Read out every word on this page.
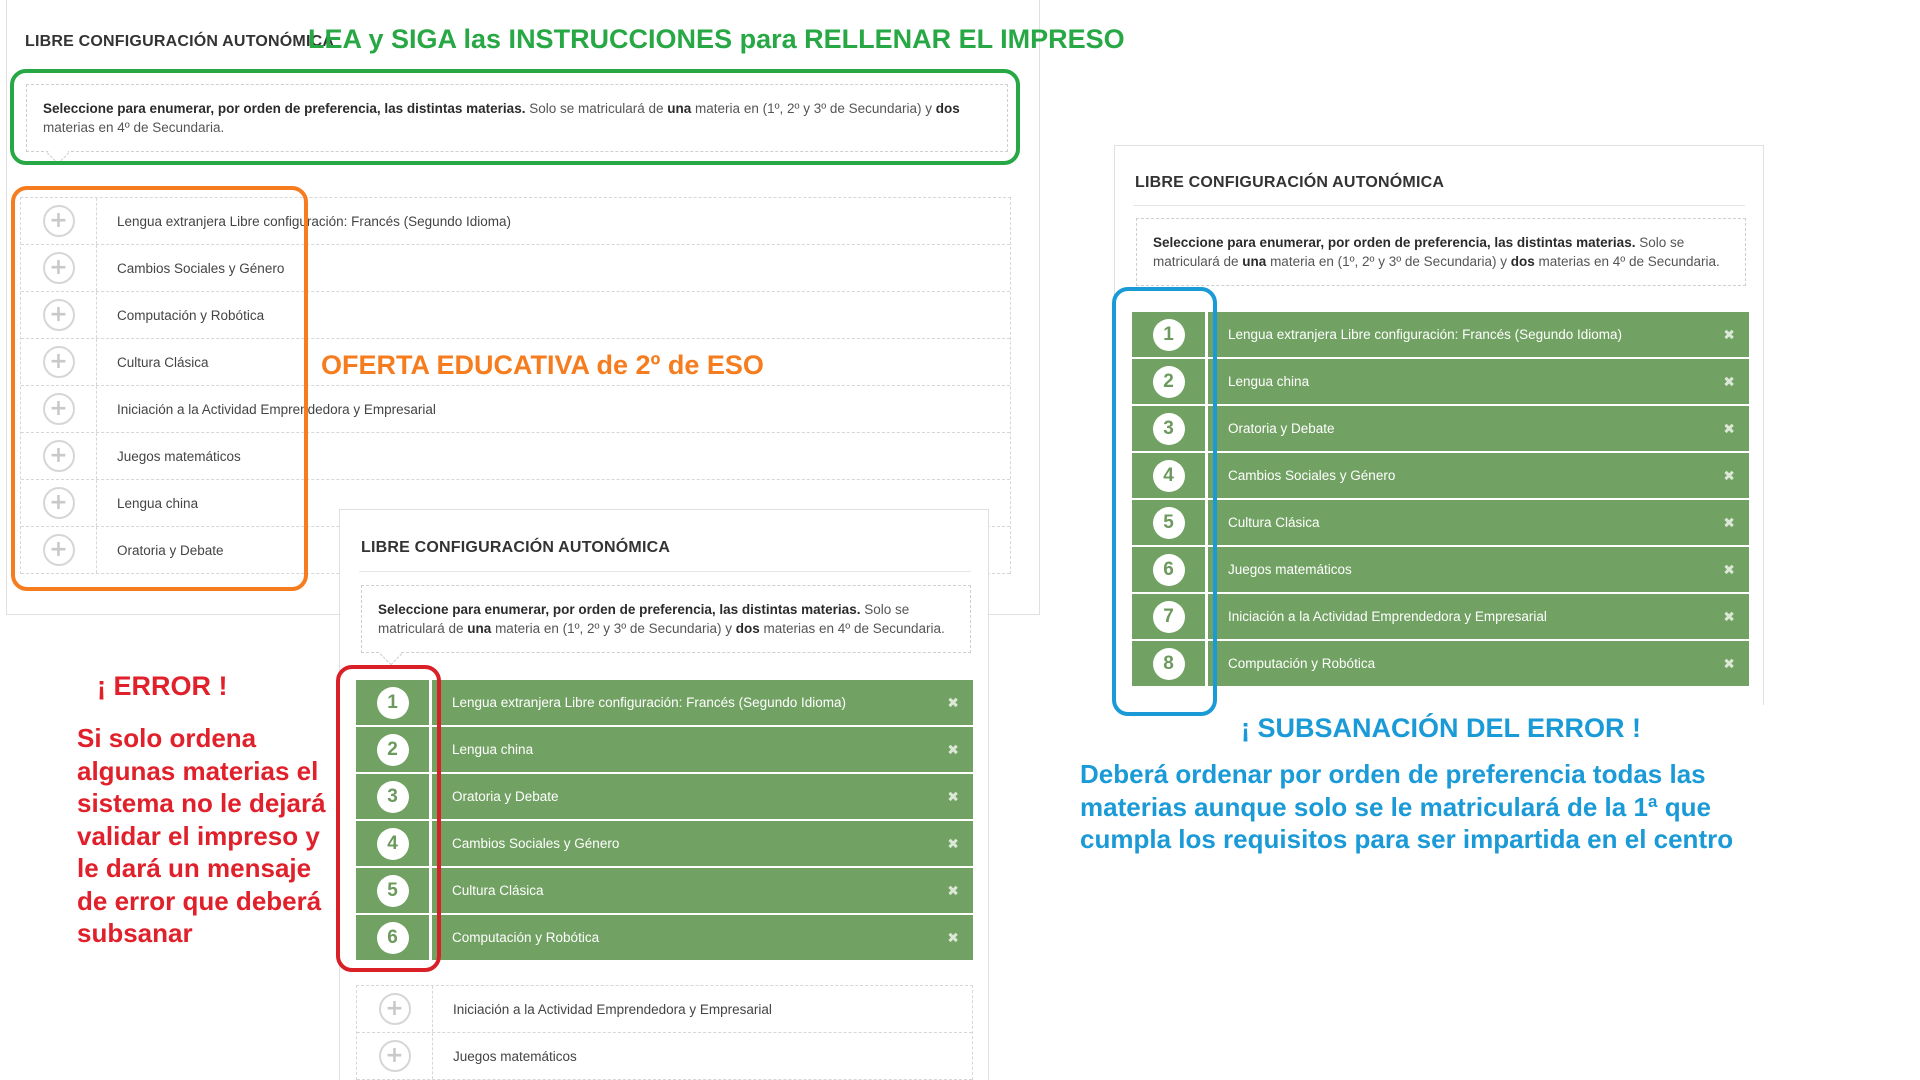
LIBRE CONFIGURACIÓN AUTONÓMICA
LEA y SIGA las INSTRUCCIONES para RELLENAR EL IMPRESO
Seleccione para enumerar, por orden de preferencia, las distintas materias. Solo se matriculará de una materia en (1º, 2º y 3º de Secundaria) y dos materias en 4º de Secundaria.
+	Lengua extranjera Libre configuración: Francés (Segundo Idioma)
+	Cambios Sociales y Género
+	Computación y Robótica
+	Cultura Clásica
+	Iniciación a la Actividad Emprendedora y Empresarial
+	Juegos matemáticos
+	Lengua china
+	Oratoria y Debate
OFERTA EDUCATIVA de 2º de ESO
LIBRE CONFIGURACIÓN AUTONÓMICA
Seleccione para enumerar, por orden de preferencia, las distintas materias. Solo se matriculará de una materia en (1º, 2º y 3º de Secundaria) y dos materias en 4º de Secundaria.
1	Lengua extranjera Libre configuración: Francés (Segundo Idioma)	✖
2	Lengua china	✖
3	Oratoria y Debate	✖
4	Cambios Sociales y Género	✖
5	Cultura Clásica	✖
6	Computación y Robótica	✖
+	Iniciación a la Actividad Emprendedora y Empresarial
+	Juegos matemáticos
¡ ERROR !
Si solo ordena algunas materias el sistema no le dejará validar el impreso y le dará un mensaje de error que deberá subsanar
LIBRE CONFIGURACIÓN AUTONÓMICA
Seleccione para enumerar, por orden de preferencia, las distintas materias. Solo se matriculará de una materia en (1º, 2º y 3º de Secundaria) y dos materias en 4º de Secundaria.
1	Lengua extranjera Libre configuración: Francés (Segundo Idioma)	✖
2	Lengua china	✖
3	Oratoria y Debate	✖
4	Cambios Sociales y Género	✖
5	Cultura Clásica	✖
6	Juegos matemáticos	✖
7	Iniciación a la Actividad Emprendedora y Empresarial	✖
8	Computación y Robótica	✖
¡ SUBSANACIÓN DEL ERROR !
Deberá ordenar por orden de preferencia todas las materias aunque solo se le matriculará de la 1ª que cumpla los requisitos para ser impartida en el centro
